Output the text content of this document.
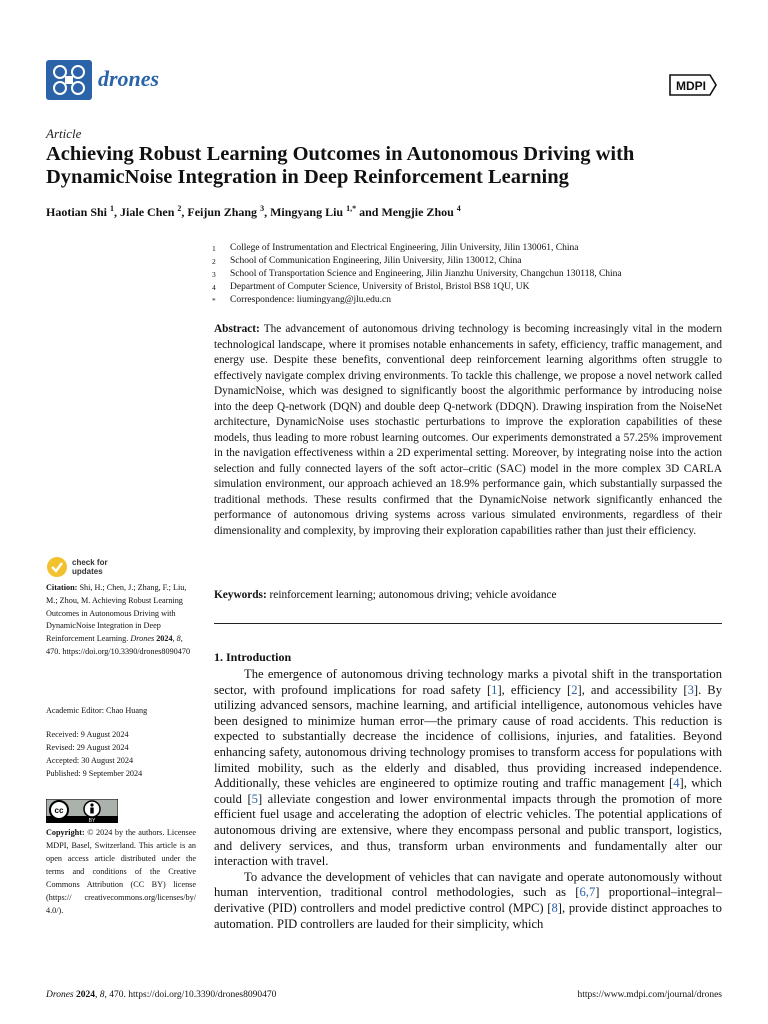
drones	MDPI
Article
Achieving Robust Learning Outcomes in Autonomous Driving with DynamicNoise Integration in Deep Reinforcement Learning
Haotian Shi $^1$, Jiale Chen $^2$, Feijun Zhang $^3$, Mingyang Liu $^{1,*}$ and Mengjie Zhou $^4$
1	College of Instrumentation and Electrical Engineering, Jilin University, Jilin 130061, China
2	School of Communication Engineering, Jilin University, Jilin 130012, China
3	School of Transportation Science and Engineering, Jilin Jianzhu University, Changchun 130118, China
4	Department of Computer Science, University of Bristol, Bristol BS8 1QU, UK
*	Correspondence: liumingyang@jlu.edu.cn
Abstract: The advancement of autonomous driving technology is becoming increasingly vital in the modern technological landscape, where it promises notable enhancements in safety, efficiency, traffic management, and energy use. Despite these benefits, conventional deep reinforcement learning algorithms often struggle to effectively navigate complex driving environments. To tackle this challenge, we propose a novel network called DynamicNoise, which was designed to significantly boost the algorithmic performance by introducing noise into the deep Q-network (DQN) and double deep Q-network (DDQN). Drawing inspiration from the NoiseNet architecture, DynamicNoise uses stochastic perturbations to improve the exploration capabilities of these models, thus leading to more robust learning outcomes. Our experiments demonstrated a 57.25% improvement in the navigation effectiveness within a 2D experimental setting. Moreover, by integrating noise into the action selection and fully connected layers of the soft actor–critic (SAC) model in the more complex 3D CARLA simulation environment, our approach achieved an 18.9% performance gain, which substantially surpassed the traditional methods. These results confirmed that the DynamicNoise network significantly enhanced the performance of autonomous driving systems across various simulated environments, regardless of their dimensionality and complexity, by improving their exploration capabilities rather than just their efficiency.
Keywords: reinforcement learning; autonomous driving; vehicle avoidance
1. Introduction

The emergence of autonomous driving technology marks a pivotal shift in the transportation sector, with profound implications for road safety [1], efficiency [2], and accessibility [3]. By utilizing advanced sensors, machine learning, and artificial intelligence, autonomous vehicles have been designed to minimize human error—the primary cause of road accidents. This reduction is expected to substantially decrease the incidence of collisions, injuries, and fatalities. Beyond enhancing safety, autonomous driving technology promises to transform access for populations with limited mobility, such as the elderly and disabled, thus providing increased independence. Additionally, these vehicles are engineered to optimize routing and traffic management [4], which could [5] alleviate congestion and lower environmental impacts through the promotion of more efficient fuel usage and accelerating the adoption of electric vehicles. The potential applications of autonomous driving are extensive, where they encompass personal and public transport, logistics, and delivery services, and thus, transform urban environments and fundamentally alter our interaction with travel.

To advance the development of vehicles that can navigate and operate autonomously without human intervention, traditional control methodologies, such as [6,7] proportional–integral–derivative (PID) controllers and model predictive control (MPC) [8], provide distinct approaches to automation. PID controllers are lauded for their simplicity, which

check for
updates
Citation: Shi, H.; Chen, J.; Zhang, F.; Liu, M.; Zhou, M. Achieving Robust Learning Outcomes in Autonomous Driving with DynamicNoise Integration in Deep Reinforcement Learning. Drones 2024, 8, 470. https://doi.org/10.3390/drones8090470
Academic Editor: Chao Huang
Received: 9 August 2024
Revised: 29 August 2024
Accepted: 30 August 2024
Published: 9 September 2024
cc
BY
Copyright: © 2024 by the authors. Licensee MDPI, Basel, Switzerland. This article is an open access article distributed under the terms and conditions of the Creative Commons Attribution (CC BY) license (https:// creativecommons.org/licenses/by/ 4.0/).
Drones 2024, 8, 470. https://doi.org/10.3390/drones8090470	https://www.mdpi.com/journal/drones
